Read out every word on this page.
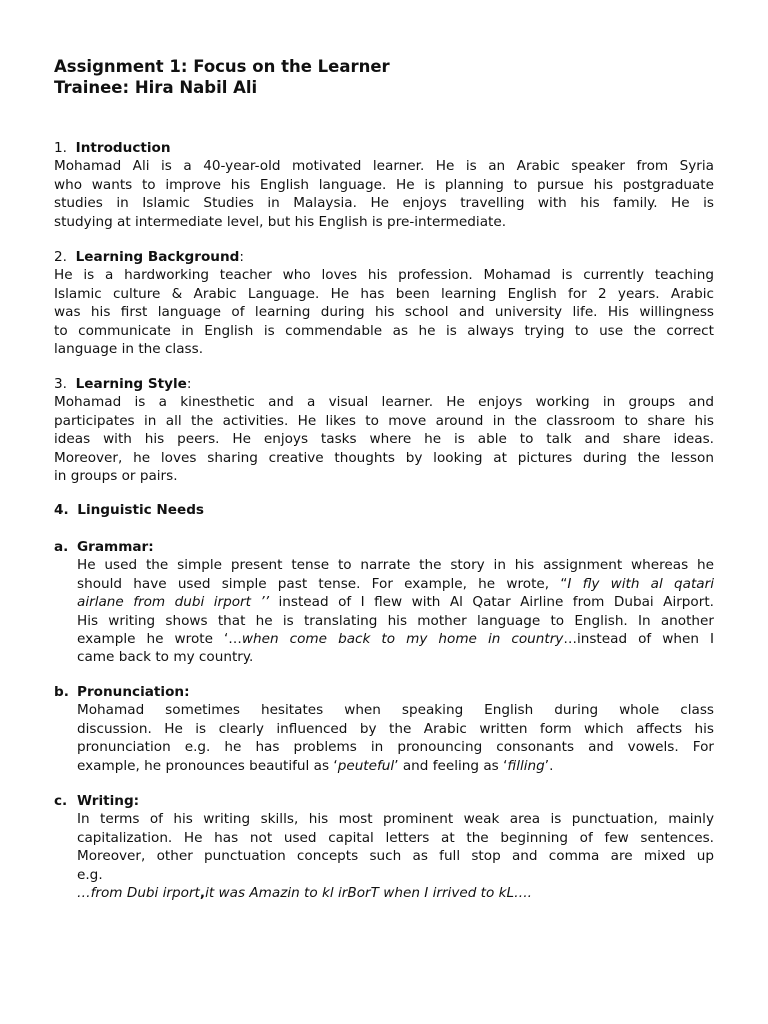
Assignment 1: Focus on the Learner
Trainee: Hira Nabil Ali
1. Introduction
Mohamad Ali is a 40-year-old motivated learner. He is an Arabic speaker from Syria
who wants to improve his English language. He is planning to pursue his postgraduate
studies in Islamic Studies in Malaysia. He enjoys travelling with his family. He is
studying at intermediate level, but his English is pre-intermediate.
2. Learning Background:
He is a hardworking teacher who loves his profession. Mohamad is currently teaching
Islamic culture & Arabic Language. He has been learning English for 2 years. Arabic
was his first language of learning during his school and university life. His willingness
to communicate in English is commendable as he is always trying to use the correct
language in the class.
3. Learning Style:
Mohamad is a kinesthetic and a visual learner. He enjoys working in groups and
participates in all the activities. He likes to move around in the classroom to share his
ideas with his peers. He enjoys tasks where he is able to talk and share ideas.
Moreover, he loves sharing creative thoughts by looking at pictures during the lesson
in groups or pairs.
4. Linguistic Needs
a. Grammar:
He used the simple present tense to narrate the story in his assignment whereas he
should have used simple past tense. For example, he wrote, “I fly with al qatari
airlane from dubi irport ’’ instead of I flew with Al Qatar Airline from Dubai Airport.
His writing shows that he is translating his mother language to English. In another
example he wrote ‘…when come back to my home in country…instead of when I
came back to my country.
b. Pronunciation:
Mohamad sometimes hesitates when speaking English during whole class
discussion. He is clearly influenced by the Arabic written form which affects his
pronunciation e.g. he has problems in pronouncing consonants and vowels. For
example, he pronounces beautiful as ‘peuteful’ and feeling as ‘filling’.
c. Writing:
In terms of his writing skills, his most prominent weak area is punctuation, mainly
capitalization. He has not used capital letters at the beginning of few sentences.
Moreover, other punctuation concepts such as full stop and comma are mixed up
e.g.
…from Dubi irport,it was Amazin to kl irBorT when I irrived to kL….
